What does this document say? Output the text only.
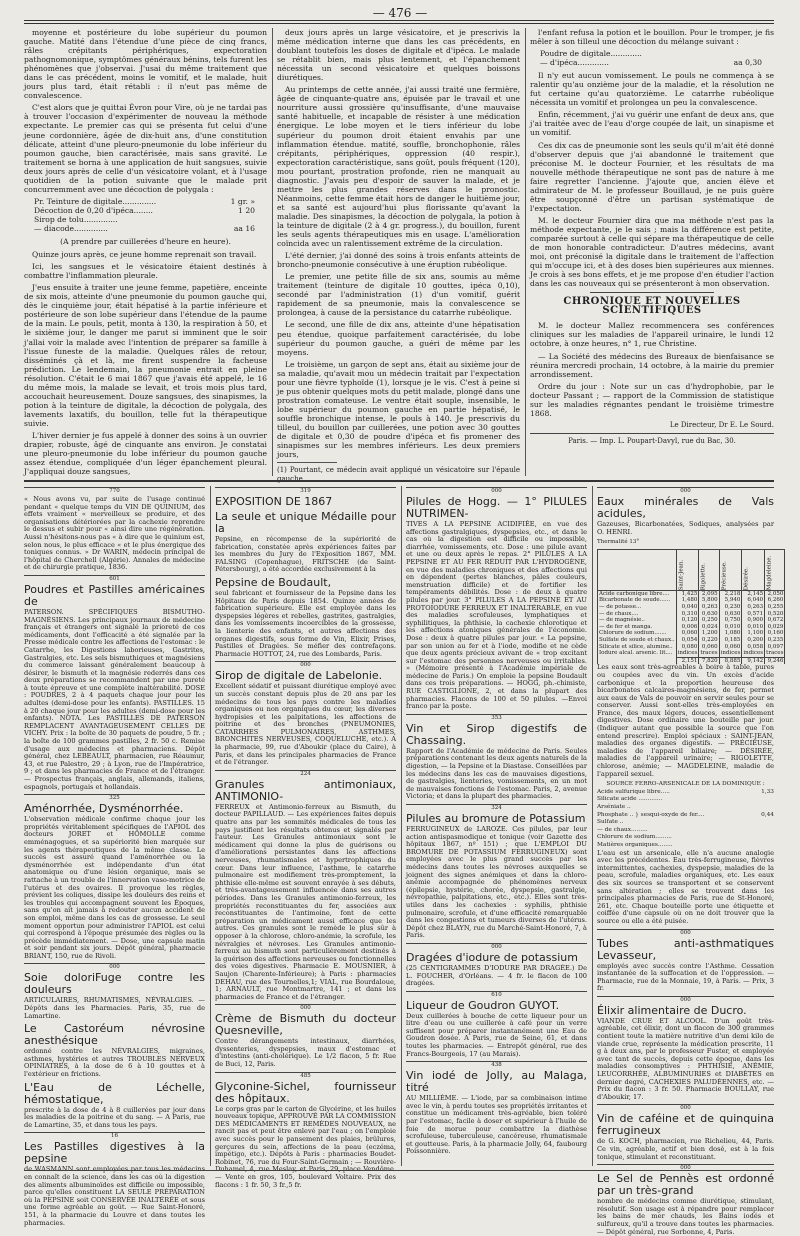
— 476 —

moyenne et postérieure du lobe supérieur du poumon gauche. Matité dans l'étendue d'une pièce de cinq francs, râles crépitants périphériques, expectoration pathognomonique, symptômes généraux bénins, tels furent les phénomènes que j'observai. J'usai du même traitement que dans le cas précédent, moins le vomitif, et le malade, huit jours plus tard, était rétabli : il n'eut pas même de convalescence.

C'est alors que je quittai Évron pour Vire, où je ne tardai pas à trouver l'occasion d'expérimenter de nouveau la méthode expectante. Le premier cas qui se présenta fut celui d'une jeune cordonnière, âgée de dix-huit ans, d'une constitution délicate, atteint d'une pleuro-pneumonie du lobe inférieur du poumon gauche, bien caractérisée, mais sans gravité. Le traitement se borna à une application de huit sangsues, suivie deux jours après de celle d'un vésicatoire volant, et à l'usage quotidien de la potion suivante que le malade prit concurremment avec une décoction de polygala :

Pr. Teinture de digitale..............	1 gr. »
Décoction de 0,20 d'ipéca........	1 20
Sirop de tolu..............
— diacode..............	aa 16
(A prendre par cuillerées d'heure en heure).

Quinze jours après, ce jeune homme reprenait son travail.

Ici, les sangsues et le vésicatoire étaient destinés à combattre l'inflammation pleurale.

J'eus ensuite à traiter une jeune femme, papetière, enceinte de six mois, atteinte d'une pneumonie du poumon gauche qui, dès le cinquième jour, était hépatisé à la partie inférieure et postérieure de son lobe supérieur dans l'étendue de la paume de la main. Le pouls, petit, monta à 130, la respiration à 50, et le sixième jour, le danger me parut si imminent que le soir j'allai voir la malade avec l'intention de préparer sa famille à l'issue funeste de la maladie. Quelques râles de retour, disséminés çà et là, me firent suspendre la facheuse prédiction. Le lendemain, la pneumonie entrait en pleine résolution. C'était le 6 mai 1867 que j'avais été appelé, le 16 du même mois, la malade se levait, et trois mois plus tard, accouchait heureusement. Douze sangsues, des sinapismes, la potion à la teinture de digitale, la décoction de polygala, des lavements laxatifs, du bouillon, telle fut la thérapeutique suivie.

L'hiver dernier je fus appelé à donner des soins à un ouvrier drapier, robuste, âgé de cinquante ans environ. Je constatai une pleuro-pneumonie du lobe inférieur du poumon gauche assez étendue, compliquée d'un léger épanchement pleural. J'appliquai douze sangsues,

deux jours après un large vésicatoire, et je prescrivis la même médication interne que dans les cas précédents, en doublant toutefois les doses de digitale et d'ipéca. Le malade se rétablit bien, mais plus lentement, et l'épanchement nécessita un second vésicatoire et quelques boissons diurétiques.

Au printemps de cette année, j'ai aussi traité une fermière, âgée de cinquante-quatre ans, épuisée par le travail et une nourriture aussi grossière qu'insuffisante, d'une mauvaise santé habituelle, et incapable de résister à une médication énergique. Le lobe moyen et le tiers inférieur du lobe supérieur du poumon droit étaient envahis par une inflammation étendue. matité, souffle, bronchophonie, râles crépitants, périphériques, oppression (40 respir.), expectoration caractéristique, sans goût, pouls fréquent (120), mou pourtant, prostration profonde, rien ne manquait au diagnostic. J'avais peu d'espoir de sauver la malade, et je mettre les plus grandes réserves dans le pronostic. Néanmoins, cette femme était hors de danger le huitième jour, et sa santé est aujourd'hui plus florissante qu'avant la maladie. Des sinapismes, la décoction de polygala, la potion à la teinture de digitale (2 à 4 gr. progress.), du bouillon, furent les seuls agents thérapeutiques mis en usage. L'amélioration coïncida avec un ralentissement extrême de la circulation.

L'été dernier, j'ai donné des soins à trois enfants atteints de broncho-pneumonie consécutive à une éruption rubéolique.

Le premier, une petite fille de six ans, soumis au même traitement (teinture de digitale 10 gouttes, ipéca 0,10), secondé par l'administration (1) d'un vomitif, guérit rapidement de sa pneumonie, mais la convalescence se prolongea, à cause de la persistance du catarrhe rubéolique.

Le second, une fille de dix ans, atteinte d'une hépatisation peu étendue, quoique parfaitement caractérisée, du lobe supérieur du poumon gauche, a guéri de même par les moyens.

Le troisième, un garçon de sept ans, était au sixième jour de sa maladie, qu'avait mou un médecin traitait par l'expectation pour une fièvre typhoïde (1), lorsque je le vis. C'est à peine si je pus obtenir quelques mots du petit malade, plongé dans une prostration comateuse. Le ventre était souple, insensible, le lobe supérieur du poumon gauche en partie hépatisé, le souffle bronchique intense, le pouls à 140. Je prescrivis du tilleul, du bouillon par cuillerées, une potion avec 30 gouttes de digitale et 0,30 de poudre d'ipéca et fis promener des sinapismes sur les membres inférieurs. Les deux premiers jours,

(1) Pourtant, ce médecin avait appliqué un vésicatoire sur l'épaule gauche.

l'enfant refusa la potion et le bouillon. Pour le tromper, je fis mêler à son tilleul une décoction du mélange suivant :

Poudre de digitale.............
— d'ipéca.............	aa 0,30

Il n'y eut aucun vomissement. Le pouls ne commença à se ralentir qu'au onzième jour de la maladie, et la résolution ne fut certaine qu'au quatorzième. Le catarrhe rubéolique nécessita un vomitif et prolongea un peu la convalescence.

Enfin, récemment, j'ai vu guérir une enfant de deux ans, que j'ai traitée avec de l'eau d'orge coupée de lait, un sinapisme et un vomitif.

Ces dix cas de pneumonie sont les seuls qu'il m'ait été donné d'observer depuis que j'ai abandonné le traitement que préconise M. le docteur Fournier, et les résultats de ma nouvelle méthode thérapeutique ne sont pas de nature à me faire regretter l'ancienne. J'ajoute que, ancien élève et admirateur de M. le professeur Bouillaud, je ne puis guère être soupçonné d'être un partisan systématique de l'expectation.

M. le docteur Fournier dira que ma méthode n'est pas la méthode expectante, je le sais ; mais la différence est petite, comparée surtout à celle qui sépare ma thérapeutique de celle de mon honorable contradicteur. D'autres médecins, avant moi, ont préconisé la digitale dans le traitement de l'affection qui m'occupe ici, et à des doses bien supérieures aux miennes. Je crois à ses bons effets, et je me propose d'en étudier l'action dans les cas nouveaux qui se présenteront à mon observation.

CHRONIQUE ET NOUVELLES SCIENTIFIQUES

M. le docteur Mallez recommencera ses conférences cliniques sur les maladies de l'appareil urinaire, le lundi 12 octobre, à onze heures, n° 1, rue Christine.

— La Société des médecins des Bureaux de bienfaisance se réunira mercredi prochain, 14 octobre, à la mairie du premier arrondissement.

Ordre du jour : Note sur un cas d'hydrophobie, par le docteur Passant ; — rapport de la Commission de statistique sur les maladies régnantes pendant le troisième trimestre 1868.

Le Directeur, Dr E. Le Sourd.
Paris. — Imp. L. Poupart-Davyl, rue du Bac, 30.
770
« Nous avons vu, par suite de l'usage continué pendant « quelque temps du VIN DE QUINIUM, des effets vraiment « merveilleux se produire, et des organisations détériorées par la cachexie reprendre le dessus et subir pour « ainsi dire une régénération. Aussi n'hésitons-nous pas « à dire que le quinium est, selon nous, le plus efficace « et le plus énergique des toniques connus. » Dr WARIN, médecin principal de l'hôpital de Cherchell (Algérie). Annales de médecine et de chirurgie pratique, 1836.
601
Poudres et Pastilles américaines de
PATERSON. SPÉCIFIQUES BISMUTHO-MAGNÉSIENS. Les principaux journaux de médecine français et étrangers ont signalé la prioreté de ces médicaments, dont l'efficacité a été signalée par la Presse médicale contre les affections de l'estomac : le Catarrhe, les Digestions laborieuses, Gastrites, Gastralgies, etc. Les sels bismuthiques et magnésiens du commerce laissant généralement beaucoup à désirer, le bismuth et la magnésie rederrés dans ces deux préparations se recommandent par une pureté à toute épreuve et une complète inaltérabilité. DOSE : POUDRES, 2 à 4 paquets chaque jour pour les adultes (demi-dose pour les enfants). PASTILLES. 15 à 20 chaque jour pour les adultes (demi-dose pour les enfants). NOTA. Les PASTILLES DE PATERSON REMPLACENT AVANTAGEUSEMENT CELLES DE VICHY. Prix : la boîte de 30 paquets de poudre, 5 fr. ; la boîte de 100 grammes pastilles, 2 fr. 50 c. Remise d'usage aux médecins et pharmaciens. Dépôt général, chez LEBEAULT, pharmacien, rue Réaumur, 43, et rue Palestro, 29 ; à Lyon, rue de l'Impératrice, 9 ; et dans les pharmacies de France et de l'étranger. — Prospectus français, anglais, allemands, italiens, espagnols, portugais et hollandais.
325
Aménorrhée, Dysménorrhée.
L'observation médicale confirme chaque jour les propriétés véritablement spécifiques de l'APIOL des docteurs JORET et HOMOLLE comme emménagogues, et sa supériorité bien marquée sur les agents thérapeutiques de la même classe. Le succès est assuré quand l'aménorrhée ou la dysménorrhée est indépendante d'un état anatomique ou d'une lésion organique, mais se rattache à un trouble de l'innervation vaso-motrice de l'utérus et des ovaires. Il provoque les règles, prévient les coliques, dissipe les douleurs des reins et les troubles qui accompagnent souvent les Époques, sans qu'on ait jamais à redouter aucun accident de son emploi, même dans les cas de grossesse. Le seul moment opportun pour administrer l'APIOL est celui qui correspond à l'époque présumée des règles ou la précède immédiatement. — Dose, une capsule matin et soir pendant six jours. Dépôt général, pharmacie BRIANT, 150, rue de Rivoli.
000
Soie doloriFuge contre les douleurs
ARTICULAIRES, RHUMATISMES, NÉVRALGIES. — Dépôts dans les Pharmacies. Paris, 35, rue de Lamartine.
Le Castoréum névrosine anesthésique
ordonné contre les NÉVRALGIES, migraines, asthmes, hystéries et autres TROUBLES NERVEUX OPINIATRES, à la dose de 6 à 10 gouttes et à l'extérieur en frictions.
L'Eau de Léchelle, hémostatique,
prescrite à la dose de 4 à 8 cuillerées par jour dans les maladies de la poitrine et du sang. — A Paris, rue de Lamartine, 35, et dans tous les pays.
16
Les Pastilles digestives à la pepsine
de WASMANN sont employées par tous les médecins en connaît de la science, dans les cas où la digestion des aliments albuminoïdes est difficile ou impossible, parce qu'elles constituent LA SEULE PRÉPARATION où la PEPSINE soit CONSERVÉE INALTÉRÉE et sous une forme agréable au goût. — Rue Saint-Honoré, 151, à la pharmacie du Louvre et dans toutes les pharmacies.
319
EXPOSITION DE 1867
La seule et unique Médaille pour la
Pepsine, en récompense de la supériorité de fabrication, constatée après expériences faites par les membres du Jury de l'Exposition 1867, MM. FALSING (Copenhague), FRITSCHE (de Saint-Pétersbourg), a été accordée exclusivement à la
Pepsine de Boudault,
seul fabricant et fournisseur de la Pepsine dans les Hôpitaux de Paris depuis 1854. Quinze années de fabrication supérieure. Elle est employée dans les dyspepsies légères et rebelles, gastrites, gastralgies, dans les vomissements incoercibles de la grossesse, la lienterie des enfants, et autres affections des organes digestifs, sous forme de Vin, Elixir, Prises, Pastilles et Dragées. Se méfier des contrefaçons. Pharmacie HOTTOT, 24, rue des Lombards, Paris.
000
Sirop de digitale de Labelonie.
Excellent sédatif et puissant diurétique employé avec un succès constant depuis plus de 20 ans par les médecins de tous les pays contre les maladies organiques ou non organiques du cœur, les diverses hydropisies et les palpitations, les affections de poitrine et des bronches (PNEUMONIES, CATARRHES PULMONAIRES, ASTHMES, BRONCHITES NERVEUSES, COQUELUCHE, etc.). A la pharmacie, 99, rue d'Aboukir (place du Caire), à Paris, et dans les principales pharmacies de France et de l'étranger.
224
Granules antimoniaux, ANTIMONIO-
FERREUX et Antimonio-ferreux au Bismuth, du docteur PAPILLAUD. — Les expériences faites depuis quatre ans par les sommités médicales de tous les pays justifient les résultats obtenus et signalés par l'auteur. Les Granules antimoniaux sont le médicament qui donne la plus de guérisons ou d'améliorations persistantes dans les affections nerveuses, rhumatismales et hypertrophiques du cœur. Dans leur influence, l'asthme, le catarrhe pulmonaire est modifiement très-promptement, la phthisie elle-même est souvent enrayée à ses débuts, et très-avantageusement influencée dans ses autres périodes. Dans les Granules antimonio-ferreux, les propriétés reconstituantes du fer, associées aux reconstituantes de l'antimoine, font de cette préparation un médicament aussi efficace que les autres. Ces granules sont le remède le plus sûr à opposer à la chlorose, chloro-anémie, la scrofule, les névralgies et névroses. Les Granules antimonio-ferreux au bismuth sont particulièrement destinés à la guérison des affections nerveuses ou fonctionnelles des voies digestives. Pharmacie E. MOUSNIER, à Saujon (Charente-Inférieure); à Paris : pharmacies DEHAU, rue des Tournelles,1; VIAL, rue Bourdaloue, 1; ARNAULT, rue Montmartre, 141 ; et dans les pharmacies de France et de l'étranger.
000
Crème de Bismuth du docteur Quesneville,
Contre dérangements intestinaux, diarrhées, dyssenteries, dyspepsies, maux d'estomac et d'intestins (anti-cholérique). Le 1/2 flacon, 5 fr. Rue de Buci, 12, Paris.
485
Glyconine-Sichel, fournisseur des hôpitaux.
Le corps gras par le carton de Glycérine, et les huiles nouveaux topique, APPROUVÉ PAR LA COMMISSION DES MÉDICAMENTS ET REMÈDES NOUVEAUX, ne rancit pas et peut être enlevé par l'eau ; on l'emploie avec succès pour le pansement des plaies, brûlures, gerçures du sein, affections de la peau (eczéma, impétigo, etc.). Dépôts à Paris : pharmacies Boudet-Robinet, 76, rue du Four-Saint-Germain ; — Rouvière-Duhamel, 4, rue Meslay, et Paris, 29, place Vendôme. — Vente en gros, 105, boulevard Voltaire. Prix des flacons : 1 fr. 50, 3 fr.,5 fr.
000
Pilules de Hogg. — 1° PILULES NUTRIMEN-
TIVES A LA PEPSINE ACIDIFIÉE, en vue des affections gastralgiques, dyspepsies, etc., et dans le cas où la digestion est difficile ou impossible, diarrhée, vomissements, etc. Dose : une pilule avant et une ou deux après le repas. 2° PILULES A LA PEPSINE ET AU FER RÉDUIT PAR L'HYDROGÈNE, en vue des maladies chroniques et des affections qui en dépendent (pertes blanches, pâles couleurs, menstruation difficile) et de fortifier les tempéraments débilités. Dose : de deux à quatre pilules par jour. 3° PILULES A LA PEPSINE ET AU PROTOIODURE FERREUX ET INALTÉRABLE, en vue des maladies scrofuleuses, lymphatiques et syphilitiques, la phthisie, la cachexie chlorotique et les affections atoniques générales de l'économie. Dose : deux à quatre pilules par jour. « La pepsine, par son union au fer et à l'iode, modifie et ne cède que deux agents précieux avivant de « trop excitant sur l'estomac des personnes nerveuses ou irritables. » (Mémoire présenté à l'Académie impériale de médecine de Paris.) On emploie la pepsine Boudault dans ces trois préparations. — HOGG, ph.-chimiste, RUE CASTIGLIONE, 2, et dans la plupart des pharmacies. Flacons de 100 et 50 pilules. —Envoi franco par la poste.
353
Vin et Sirop digestifs de Chassaing.
Rapport de l'Académie de médecine de Paris. Seules préparations contenant les deux agents naturels de la digestion, — la Pepsine et la Diastase. Conseillées par les médecins dans les cas de mauvaises digestions, de gastralgies, lienteries, vomissements, en un mot de mauvaises fonctions de l'estomac. Paris, 2, avenue Victoria; et dans la plupart des pharmacies.
324
Pilules au bromure de Potassium
FERRUGINEUX de LAROZE. Ces pilules, par leur action antispasmodique et tonique (voir Gazette des hôpitaux 1867, nº 151) ; que L'EMPLOI DU BROMURE DE POTASSIUM FERRUGINEUX) sont employées avec le plus grand succès par les médecins dans toutes les névroses auxquelles se joignent des signes anémiques et dans la chloro-anémie accompagnée de phénomènes nerveux (épilepsie, hystérie, chorée, dyspepsie, gastralgie, névropathie, palpitations, etc., etc.). Elles sont très-utiles dans les cachexies : syphilis, phthisie pulmonaire, scrofule, et d'une efficacité remarquable dans les congestions et tumeurs diverses de l'utérus. Dépôt chez BLAYN, rue du Marché-Saint-Honoré, 7, à Paris.
000
Dragées d'iodure de potassium
(25 CENTIGRAMMES D'IODURE PAR DRAGÉE.) De L. FOUCHER, d'Orléans. — 4 fr. le flacon de 100 dragées.
610
Liqueur de Goudron GUYOT.
Deux cuillerées à bouche de cette liqueur pour un litre d'eau ou une cuillerée à café pour un verre suffisent pour préparer instantanément une Eau de Goudron dosée. A Paris, rue de Seine, 61, et dans toutes les pharmacies. — Entrepôt général, rue des Francs-Bourgeois, 17 (au Marais).
438
Vin iodé de Jolly, au Malaga, titré
AU MILLIÈME. — L'iode, par sa combinaison intime avec le vin, à perdu toutes ses propriétés irritantes et constitue un médicament très-agréable, bien toléré par l'estomac, facile à doser et supérieur à l'huile de foie de morue pour combattre la diathèse scrofuleuse, tuberculeuse, cancéreuse, rhumatismale et goutteuse. Paris, à la pharmacie Jolly, 64, faubourg Poissonnière.
000
Eaux minérales de Vals acidules,
Gazeuses, Bicarbonatées, Sodiques, analysées par O. HENRI.
Thermalité 13°
	Saint-Jean.	Rigolette.	Précieuse.	Désirée.	Magdeleine.
Acide carbonique libre....	1,425	2,095	2,218	2,145	2,050
Bicarbonate de soude......	1,480	5,800	5,940	6,040	6,260
— de potasse...	0,040	0,263	0,230	0,263	0,255
— de chaux....	0,310	0,630	0,630	0,571	0,520
— de magnésie..	0,120	0,250	0,750	0,900	0,672
— de fer et manga.	0,006	0,024	0,010	0,010	0,029
Chlorure de sodium.......	0,060	1,200	1,080	1,100	0,160
Sulfate de soude et chaux..	0,054	0,220	0,185	0,200	0,235
Silicate et silice, alumine..	0,080	0,060	0,060	0,058	0,097
Iodure alcal. arsenic. lit....	indices	traces	indices	indices	traces
	2,151	7,820	8,885	9,142	9,246
Les eaux sont très-agréables à boire à table, pures ou coupées avec du vin. Un excès d'acide carbonique et la proportion heureuse des bicarbonates calcaires-magnésiens, de fer, permet aux eaux de Vals de pouvoir en servir seules pour se conserver. Aussi sont-elles très-employées en France, des maux légers, douces, essentiellement digestives. Dose ordinaire une bouteille par jour. (Indiquer autant que possible la source que l'on entend prescrire). Emploi spéciaux : SAINT-JEAN, maladies des organes digestifs. — PRÉCIEUSE, maladies de l'appareil biliaire; — DÉSIRÉE, maladies de l'appareil urinaire; — RIGOLETTE, chlorose, anémie; — MAGDELEINE, maladie de l'appareil sexuel.
SOURCE FERRO-ARSENICALE DE LA DOMINIQUE :
Acide sulfurique libre.....	1,33
Silicate acide .............
Arséniate ..
Phosphate .. } sesqui-oxyde de fer....	0,44
Sulfate ..
— de chaux.........
Chlorure de sodium.........
Matières organiques........
L'eau est un arsenicale, elle n'a aucune analogie avec les précédentes. Eau très-ferrugineuse, fièvres intermittentes, cachexies, dyspepsie, maladies de la peau, scrofule, maladies organiques, etc. Les eaux des six sources se transportent et se conservent sans altération ; elles se trouvent dans les principales pharmacies de Paris, rue de St-Honoré, 261, etc. Chaque bouteille porte une étiquette et coiffée d'une capsule où on ne doit trouver que la source ou elle a été puisée.
000
Tubes anti-asthmatiques Levasseur,
employés avec succès contre l'Asthme. Cessation instantanée de la suffocation et de l'oppression. — Pharmacie, rue de la Monnaie, 19, à Paris. — Prix, 3 fr.
000
Élixir alimentaire de Ducro.
VIANDE CRUE ET ALCOOL. D'un goût très-agréable, cet élixir, dont un flacon de 300 grammes contient toute la matière nutritive d'un demi kilo de viande crue, représente la médication prescrite, 11 g à deux ans, par le professeur Fuster, et employée avec tant de succès, depuis cette époque, dans les maladies consomptives : PHTHISIE, ANÉMIE, LEUCORRHÉE, ALBUMINURIES et DIABÈTES en dernier degré, CACHEXIES PALUDÉENNES, etc. — Prix du flacon : 3 fr. 50. Pharmacie BOULLAY, rue d'Aboukir, 17.
000
Vin de caféine et de quinquina ferrugineux
de G. KOCH, pharmacien, rue Richelieu, 44, Paris. Ce vin, agréable, actif et bien dosé, est à la fois tonique, stimulant et reconstituant.
000
Le Sel de Pennès est ordonné par un très-grand
nombre de médecins comme diurétique, stimulant, résolutif. Son usage est à répandre pour remplacer les bains de mer chauds, les Bains iodés et sulfureux, qu'il a trouve dans toutes les pharmacies. — Dépôt général, rue Sorbonne, 4, Paris.
